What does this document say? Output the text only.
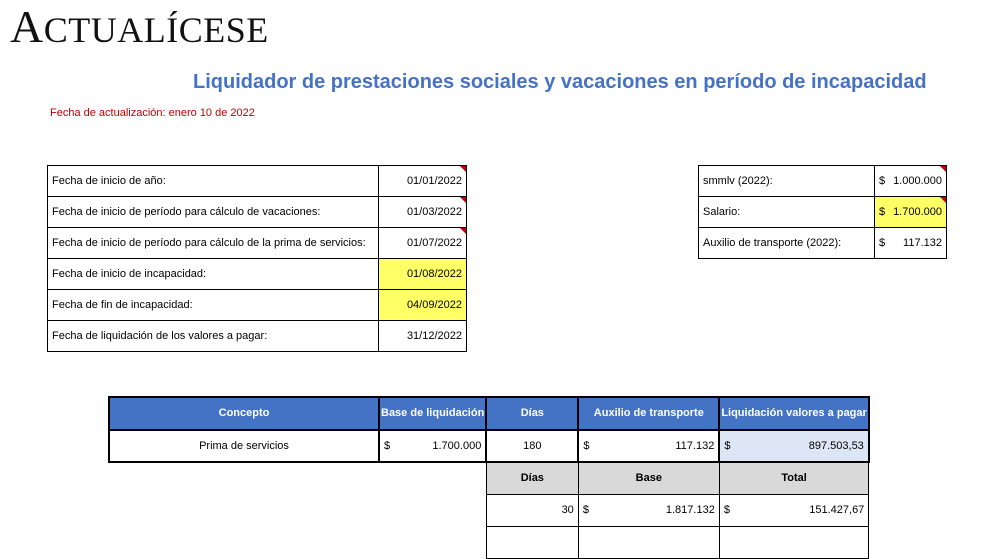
ACTUALÍCESE
Liquidador de prestaciones sociales y vacaciones en período de incapacidad
Fecha de actualización: enero 10 de 2022
Fecha de inicio de año:	01/01/2022
Fecha de inicio de período para cálculo de vacaciones:	01/03/2022
Fecha de inicio de período para cálculo de la prima de servicios:	01/07/2022
Fecha de inicio de incapacidad:	01/08/2022
Fecha de fin de incapacidad:	04/09/2022
Fecha de liquidación de los valores a pagar:	31/12/2022
smmlv (2022):	$ 1.000.000

Salario:	$ 1.700.000

Auxilio de transporte (2022):	$ 117.132
Concepto	Base de liquidación	Días	Auxilio de transporte	Liquidación valores a pagar
Prima de servicios	$ 1.700.000	180	$ 117.132	$ 897.503,53

		Días	Base	Total
		30	$ 1.817.132	$ 151.427,67
